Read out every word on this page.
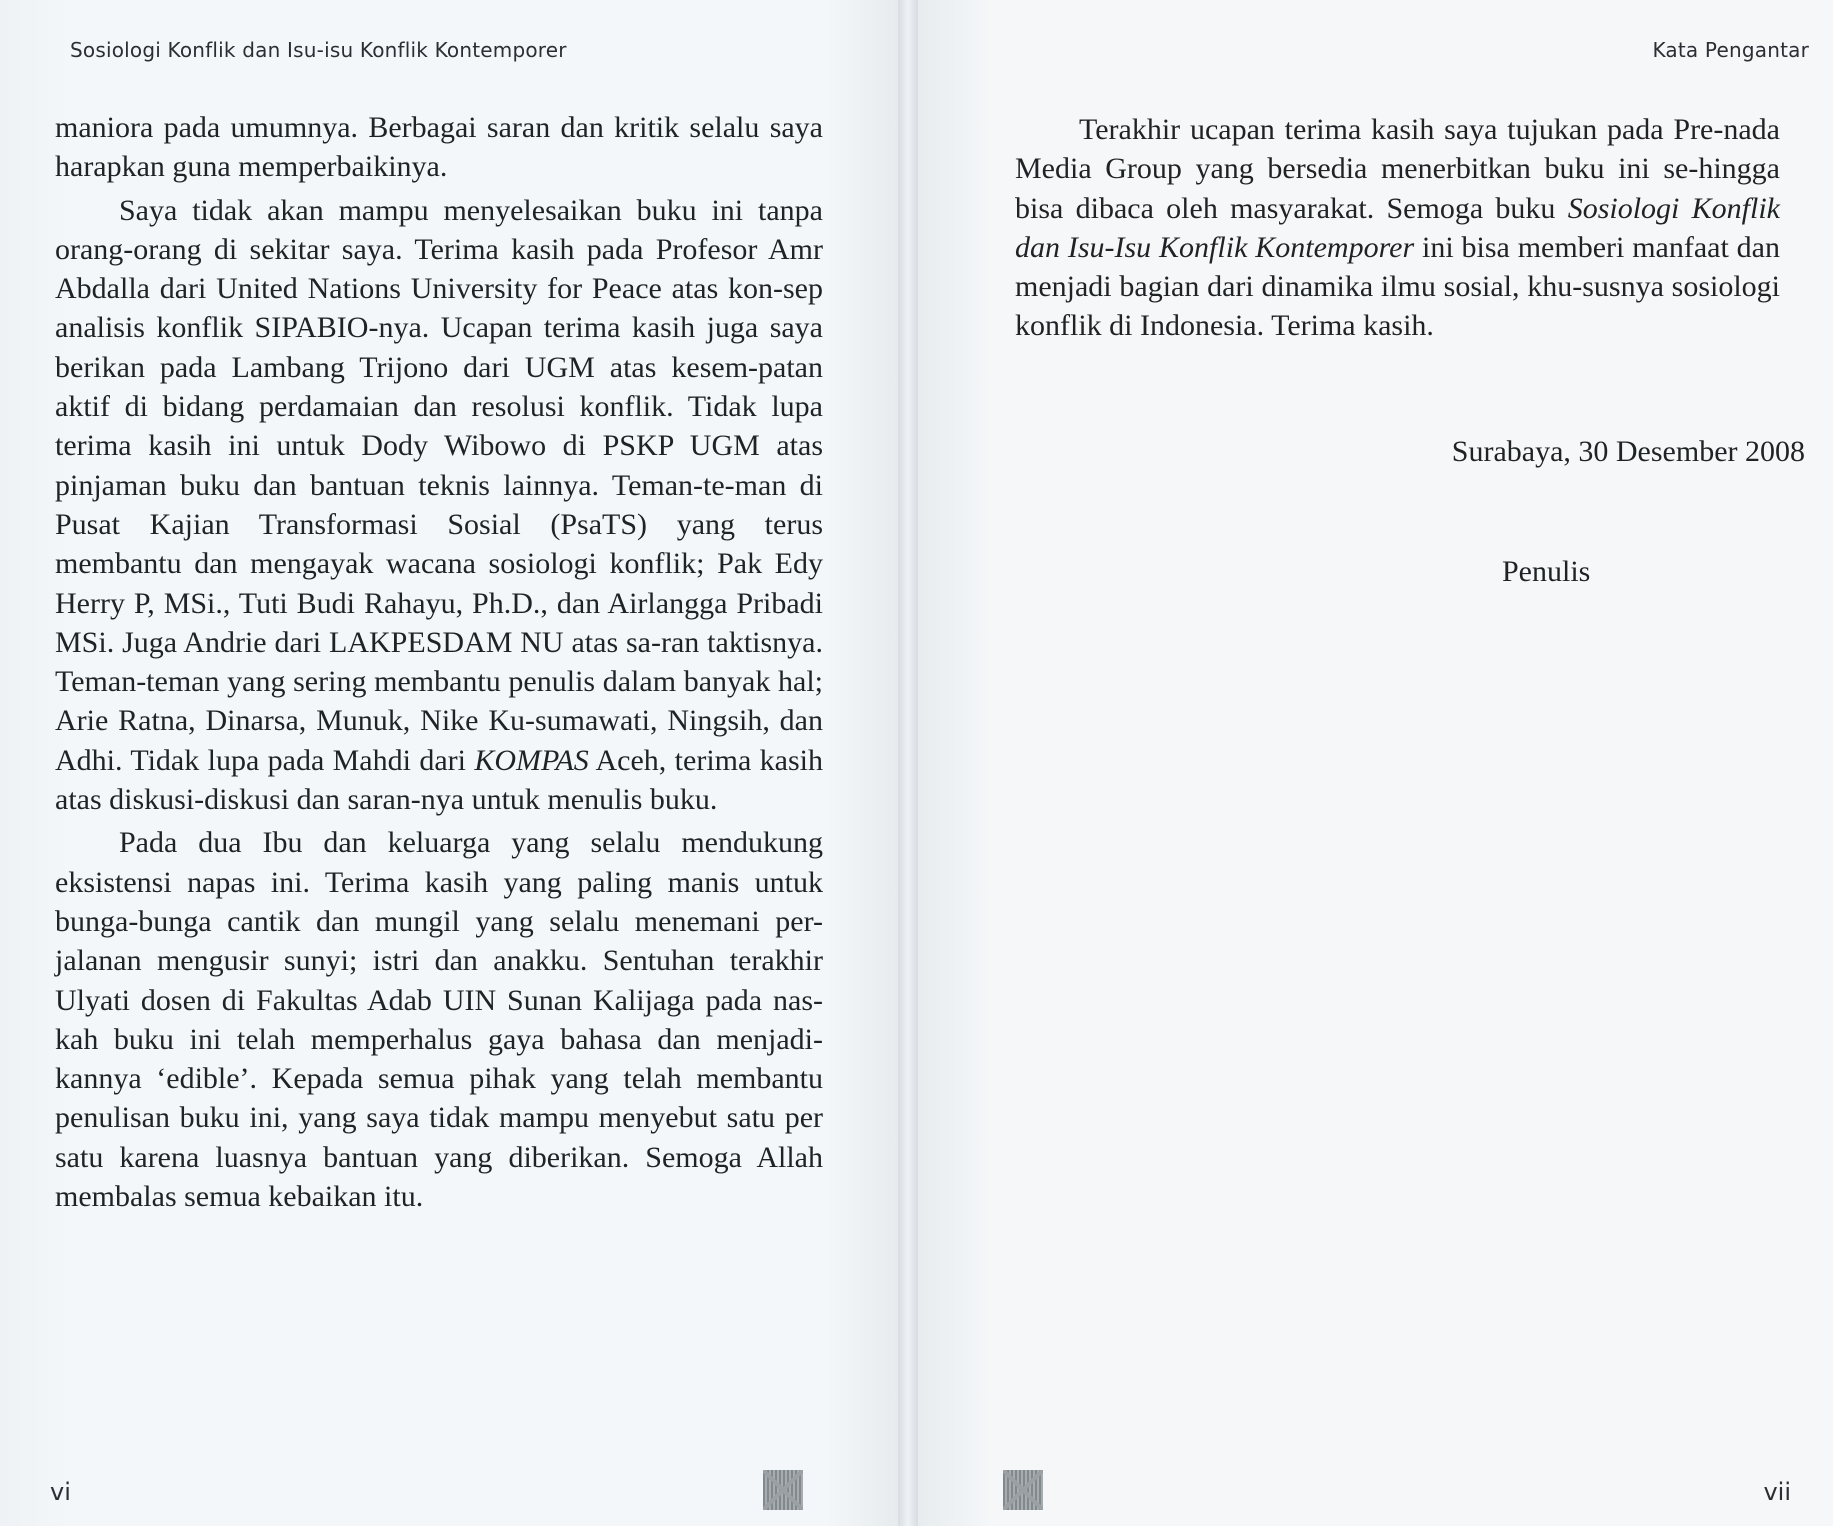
Sosiologi Konflik dan Isu-isu Konflik Kontemporer

maniora pada umumnya. Berbagai saran dan kritik selalu saya harapkan guna memperbaikinya.

Saya tidak akan mampu menyelesaikan buku ini tanpa orang-orang di sekitar saya. Terima kasih pada Profesor Amr Abdalla dari United Nations University for Peace atas kon-sep analisis konflik SIPABIO-nya. Ucapan terima kasih juga saya berikan pada Lambang Trijono dari UGM atas kesem-patan aktif di bidang perdamaian dan resolusi konflik. Tidak lupa terima kasih ini untuk Dody Wibowo di PSKP UGM atas pinjaman buku dan bantuan teknis lainnya. Teman-te-man di Pusat Kajian Transformasi Sosial (PsaTS) yang terus membantu dan mengayak wacana sosiologi konflik; Pak Edy Herry P, MSi., Tuti Budi Rahayu, Ph.D., dan Airlangga Pribadi MSi. Juga Andrie dari LAKPESDAM NU atas sa-ran taktisnya. Teman-teman yang sering membantu penulis dalam banyak hal; Arie Ratna, Dinarsa, Munuk, Nike Ku-sumawati, Ningsih, dan Adhi. Tidak lupa pada Mahdi dari KOMPAS Aceh, terima kasih atas diskusi-diskusi dan saran-nya untuk menulis buku.

Pada dua Ibu dan keluarga yang selalu mendukung eksistensi napas ini. Terima kasih yang paling manis untuk bunga-bunga cantik dan mungil yang selalu menemani per-jalanan mengusir sunyi; istri dan anakku. Sentuhan terakhir Ulyati dosen di Fakultas Adab UIN Sunan Kalijaga pada nas-kah buku ini telah memperhalus gaya bahasa dan menjadi-kannya ‘edible’. Kepada semua pihak yang telah membantu penulisan buku ini, yang saya tidak mampu menyebut satu per satu karena luasnya bantuan yang diberikan. Semoga Allah membalas semua kebaikan itu.

vi
Kata Pengantar

Terakhir ucapan terima kasih saya tujukan pada Pre-nada Media Group yang bersedia menerbitkan buku ini se-hingga bisa dibaca oleh masyarakat. Semoga buku Sosiologi Konflik dan Isu-Isu Konflik Kontemporer ini bisa memberi manfaat dan menjadi bagian dari dinamika ilmu sosial, khu-susnya sosiologi konflik di Indonesia. Terima kasih.

Surabaya, 30 Desember 2008
Penulis
vii
